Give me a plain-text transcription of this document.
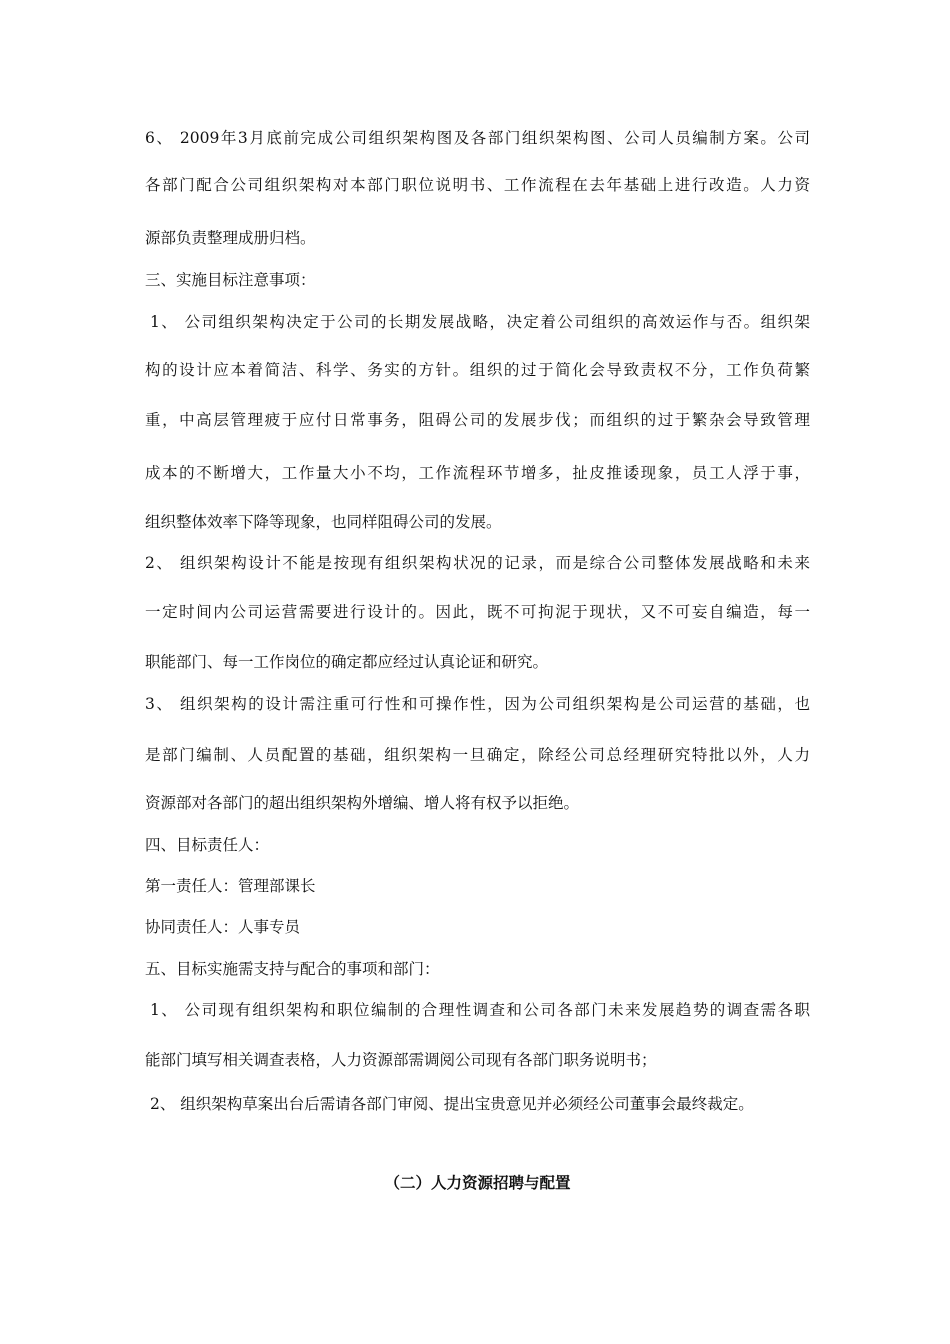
6、 2009年3月底前完成公司组织架构图及各部门组织架构图、公司人员编制方案。公司
各部门配合公司组织架构对本部门职位说明书、工作流程在去年基础上进行改造。人力资
源部负责整理成册归档。
三、实施目标注意事项：
1、 公司组织架构决定于公司的长期发展战略，决定着公司组织的高效运作与否。组织架
构的设计应本着简洁、科学、务实的方针。组织的过于简化会导致责权不分，工作负荷繁
重，中高层管理疲于应付日常事务，阻碍公司的发展步伐；而组织的过于繁杂会导致管理
成本的不断增大，工作量大小不均，工作流程环节增多，扯皮推诿现象，员工人浮于事，
组织整体效率下降等现象，也同样阻碍公司的发展。
2、 组织架构设计不能是按现有组织架构状况的记录，而是综合公司整体发展战略和未来
一定时间内公司运营需要进行设计的。因此，既不可拘泥于现状，又不可妄自编造，每一
职能部门、每一工作岗位的确定都应经过认真论证和研究。
3、 组织架构的设计需注重可行性和可操作性，因为公司组织架构是公司运营的基础，也
是部门编制、人员配置的基础，组织架构一旦确定，除经公司总经理研究特批以外，人力
资源部对各部门的超出组织架构外增编、增人将有权予以拒绝。
四、目标责任人：
第一责任人：管理部课长
协同责任人：人事专员
五、目标实施需支持与配合的事项和部门：
1、 公司现有组织架构和职位编制的合理性调查和公司各部门未来发展趋势的调查需各职
能部门填写相关调查表格，人力资源部需调阅公司现有各部门职务说明书；
2、 组织架构草案出台后需请各部门审阅、提出宝贵意见并必须经公司董事会最终裁定。
（二）人力资源招聘与配置
